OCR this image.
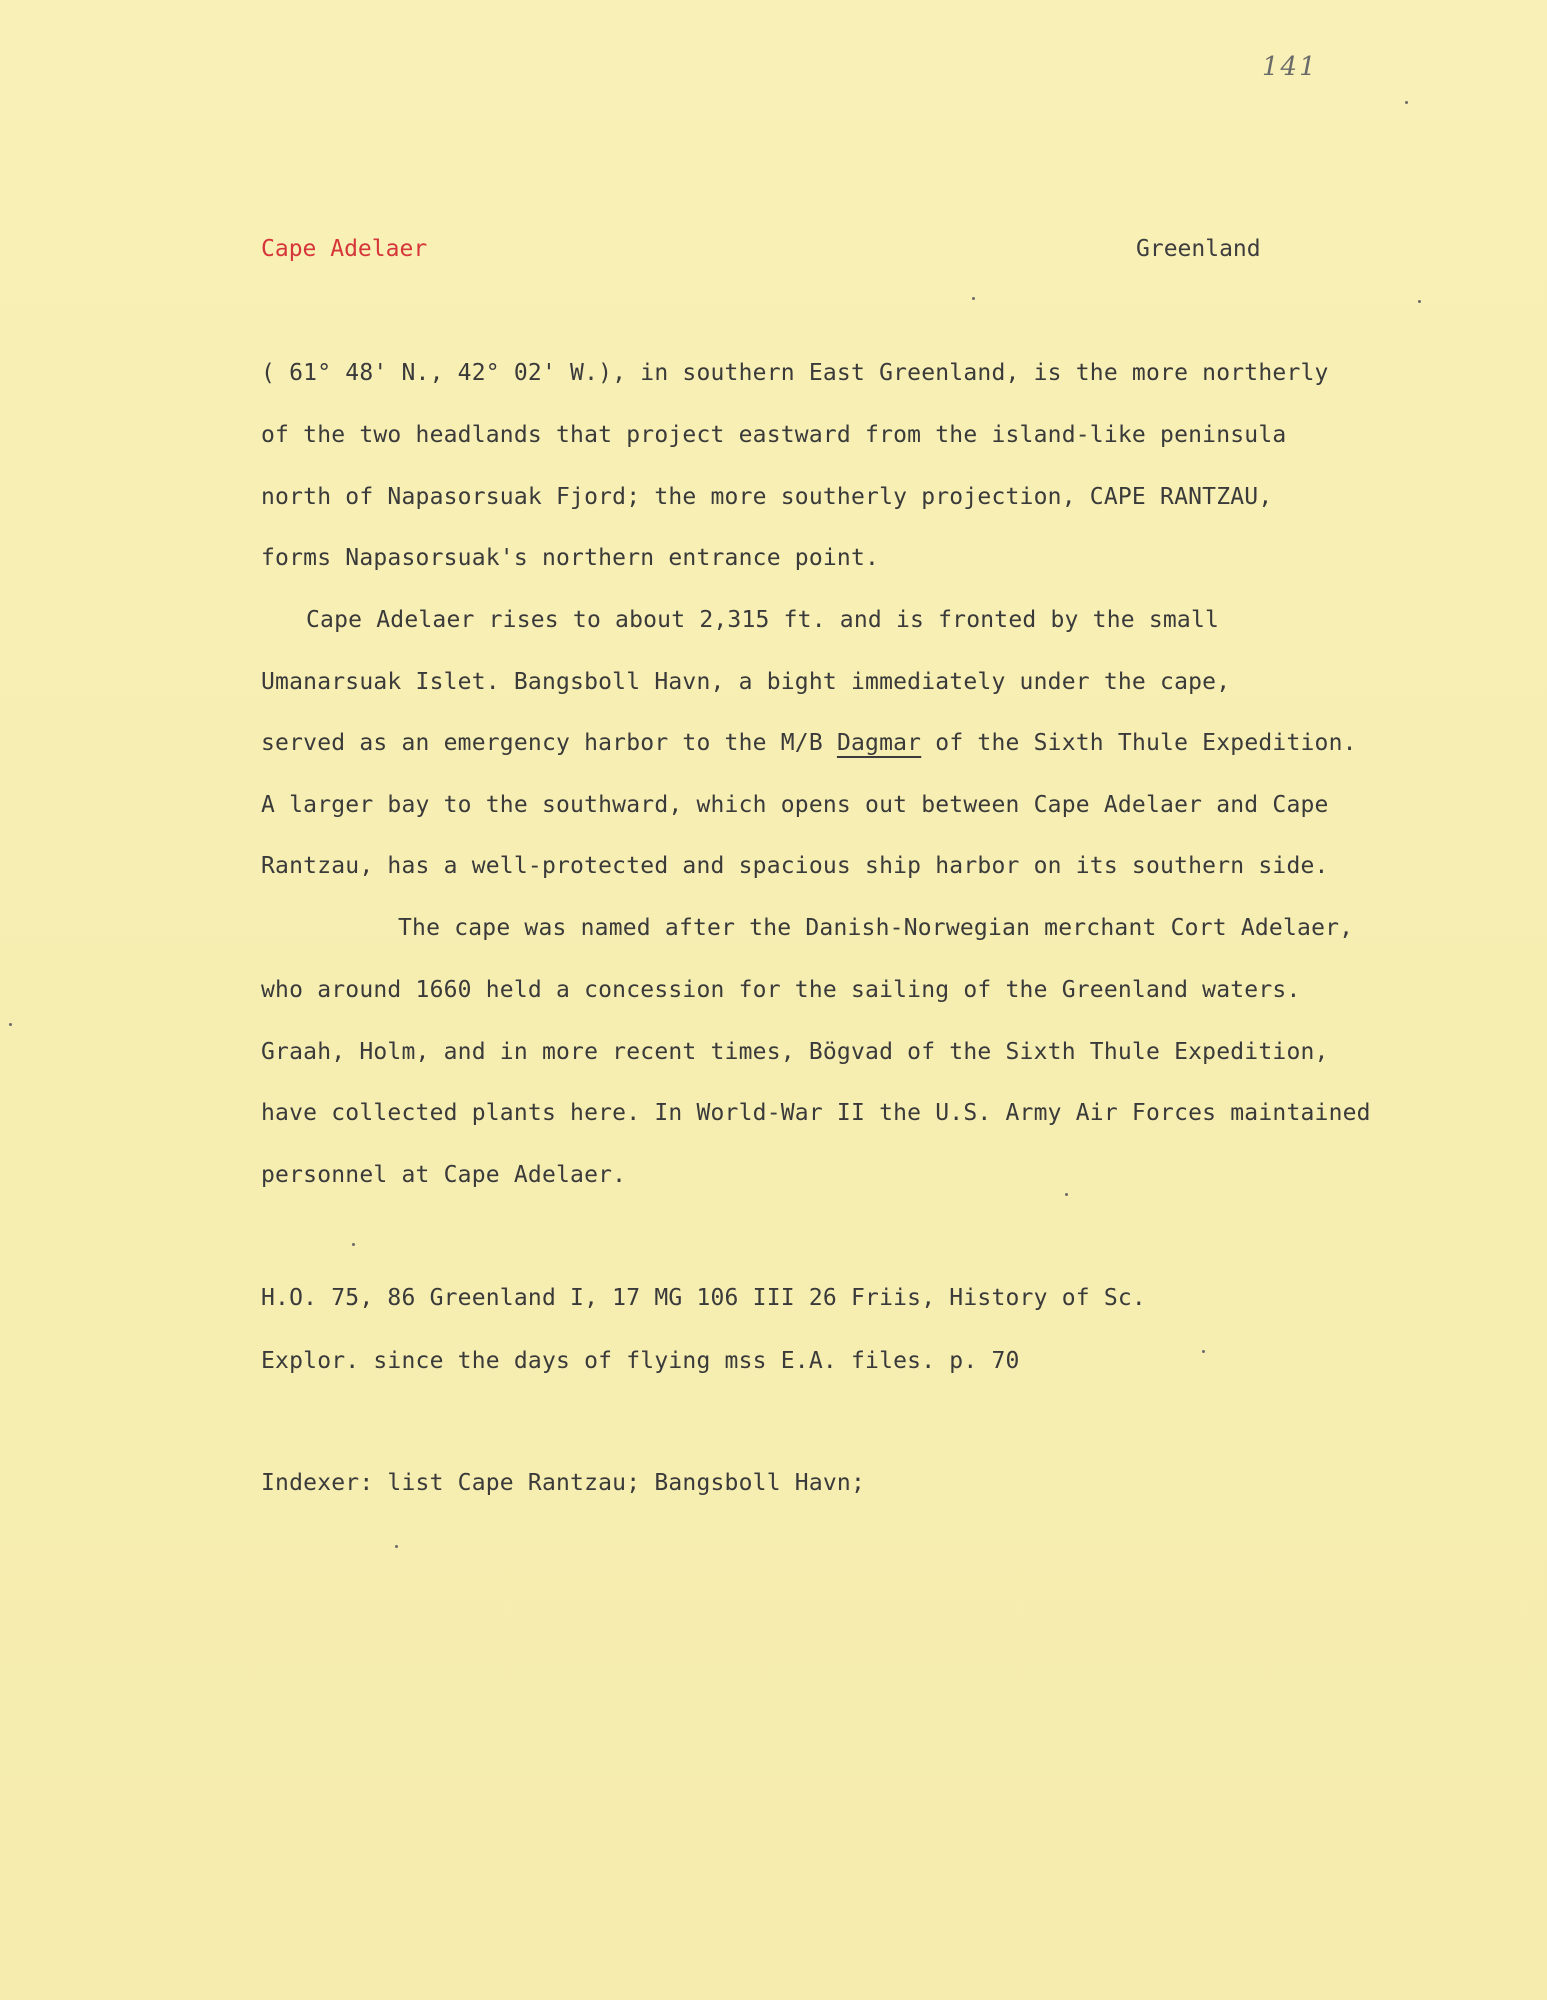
141
Cape Adelaer	Greenland
( 61° 48' N., 42° 02' W.), in southern East Greenland, is the more northerly
of the two headlands that project eastward from the island-like peninsula
north of Napasorsuak Fjord; the more southerly projection, CAPE RANTZAU,
forms Napasorsuak's northern entrance point.
Cape Adelaer rises to about 2,315 ft. and is fronted by the small
Umanarsuak Islet. Bangsboll Havn, a bight immediately under the cape,
served as an emergency harbor to the M/B Dagmar of the Sixth Thule Expedition.
A larger bay to the southward, which opens out between Cape Adelaer and Cape
Rantzau, has a well-protected and spacious ship harbor on its southern side.
The cape was named after the Danish-Norwegian merchant Cort Adelaer,
who around 1660 held a concession for the sailing of the Greenland waters.
Graah, Holm, and in more recent times, Bögvad of the Sixth Thule Expedition,
have collected plants here. In World-War II the U.S. Army Air Forces maintained
personnel at Cape Adelaer.
H.O. 75, 86 Greenland I, 17 MG 106 III 26 Friis, History of Sc.
Explor. since the days of flying mss E.A. files. p. 70
Indexer: list Cape Rantzau; Bangsboll Havn;
